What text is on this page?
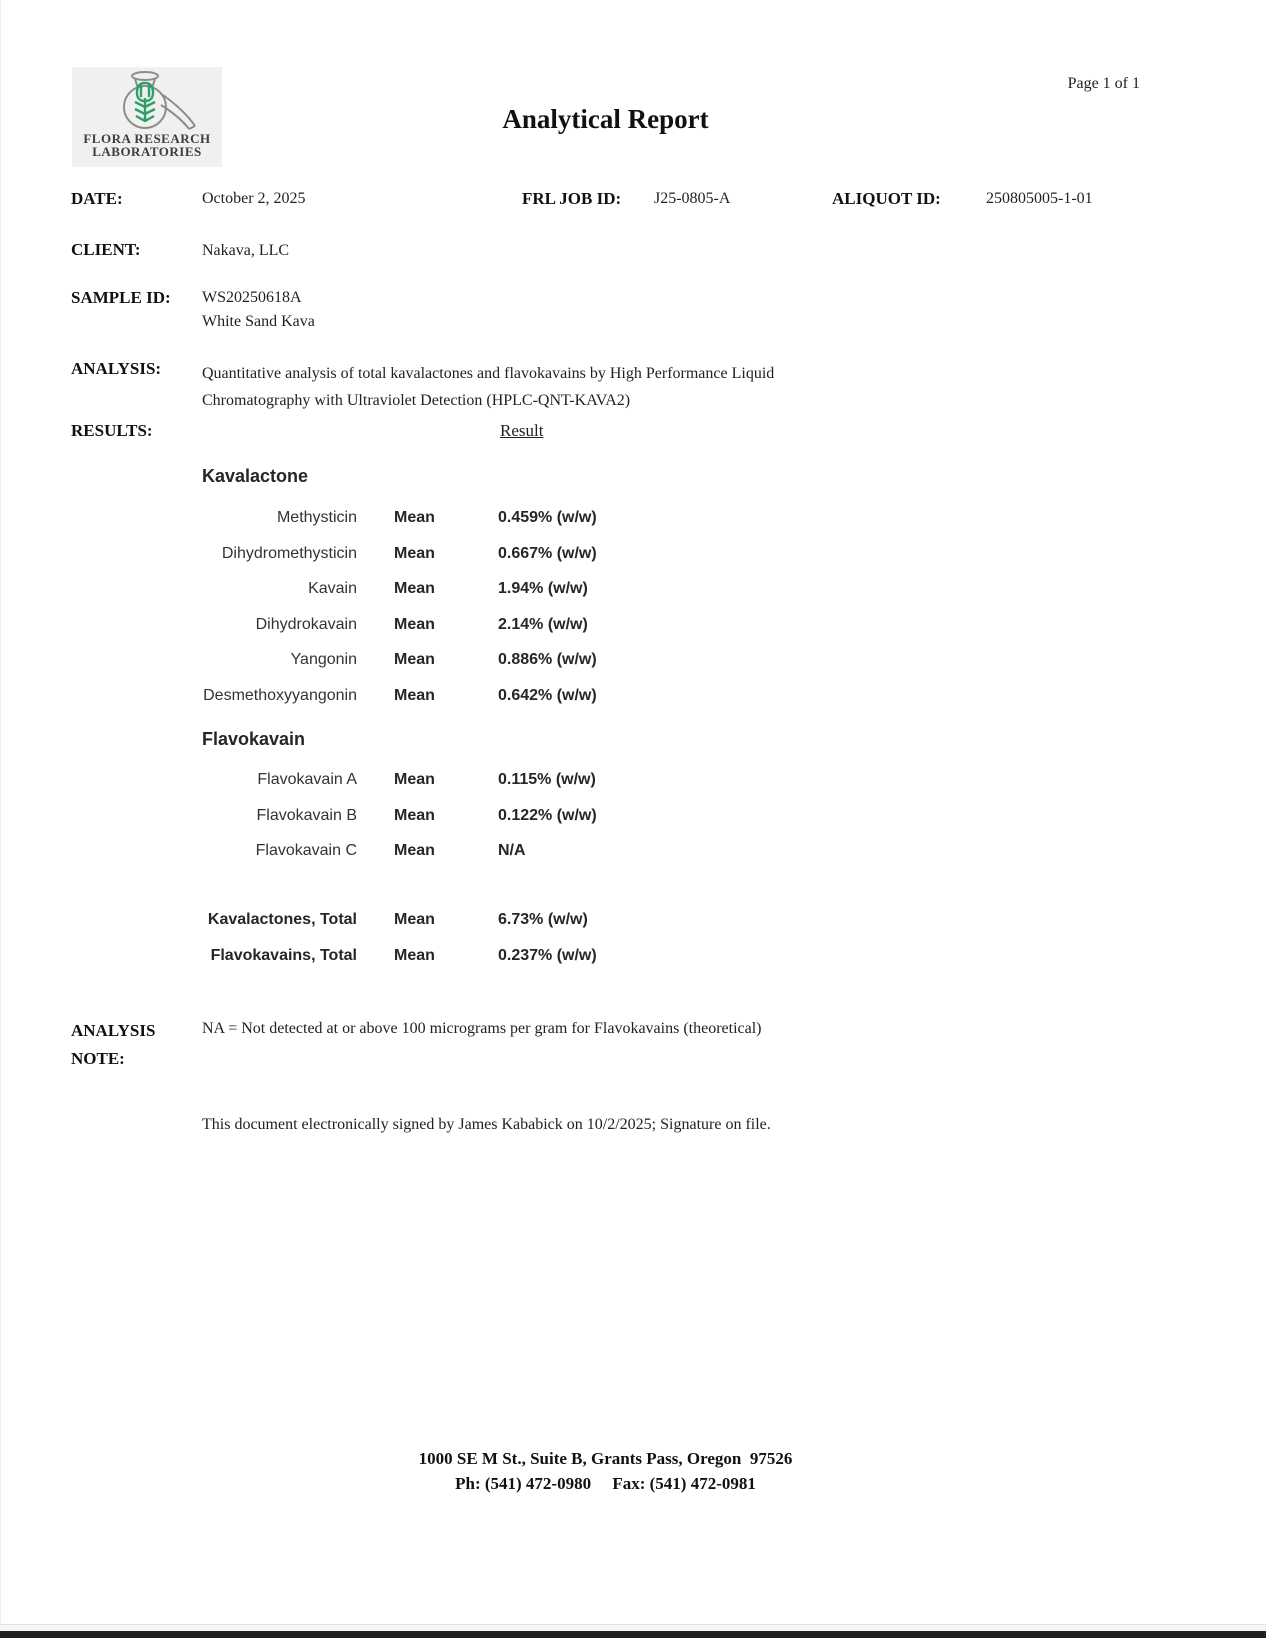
FLORA RESEARCH
LABORATORIES
Page 1 of 1
Analytical Report
DATE:	October 2, 2025	FRL JOB ID: J25-0805-A	ALIQUOT ID:	250805005-1-01
CLIENT:	Nakava, LLC
SAMPLE ID: WS20250618A
White Sand Kava
ANALYSIS:	Quantitative analysis of total kavalactones and flavokavains by High Performance Liquid
Chromatography with Ultraviolet Detection (HPLC-QNT-KAVA2)
RESULTS:	Result
Kavalactone
Methysticin Mean	0.459% (w/w)
Dihydromethysticin Mean	0.667% (w/w)
Kavain Mean	1.94% (w/w)
Dihydrokavain Mean	2.14% (w/w)
Yangonin Mean	0.886% (w/w)
Desmethoxyyangonin Mean	0.642% (w/w)
Flavokavain
Flavokavain A Mean	0.115% (w/w)
Flavokavain B Mean	0.122% (w/w)
Flavokavain C Mean	N/A
Kavalactones, Total Mean	6.73% (w/w)
Flavokavains, Total Mean	0.237% (w/w)
ANALYSIS
NOTE:
NA = Not detected at or above 100 micrograms per gram for Flavokavains (theoretical)
This document electronically signed by James Kababick on 10/2/2025; Signature on file.
1000 SE M St., Suite B, Grants Pass, Oregon  97526
Ph: (541) 472-0980     Fax: (541) 472-0981
